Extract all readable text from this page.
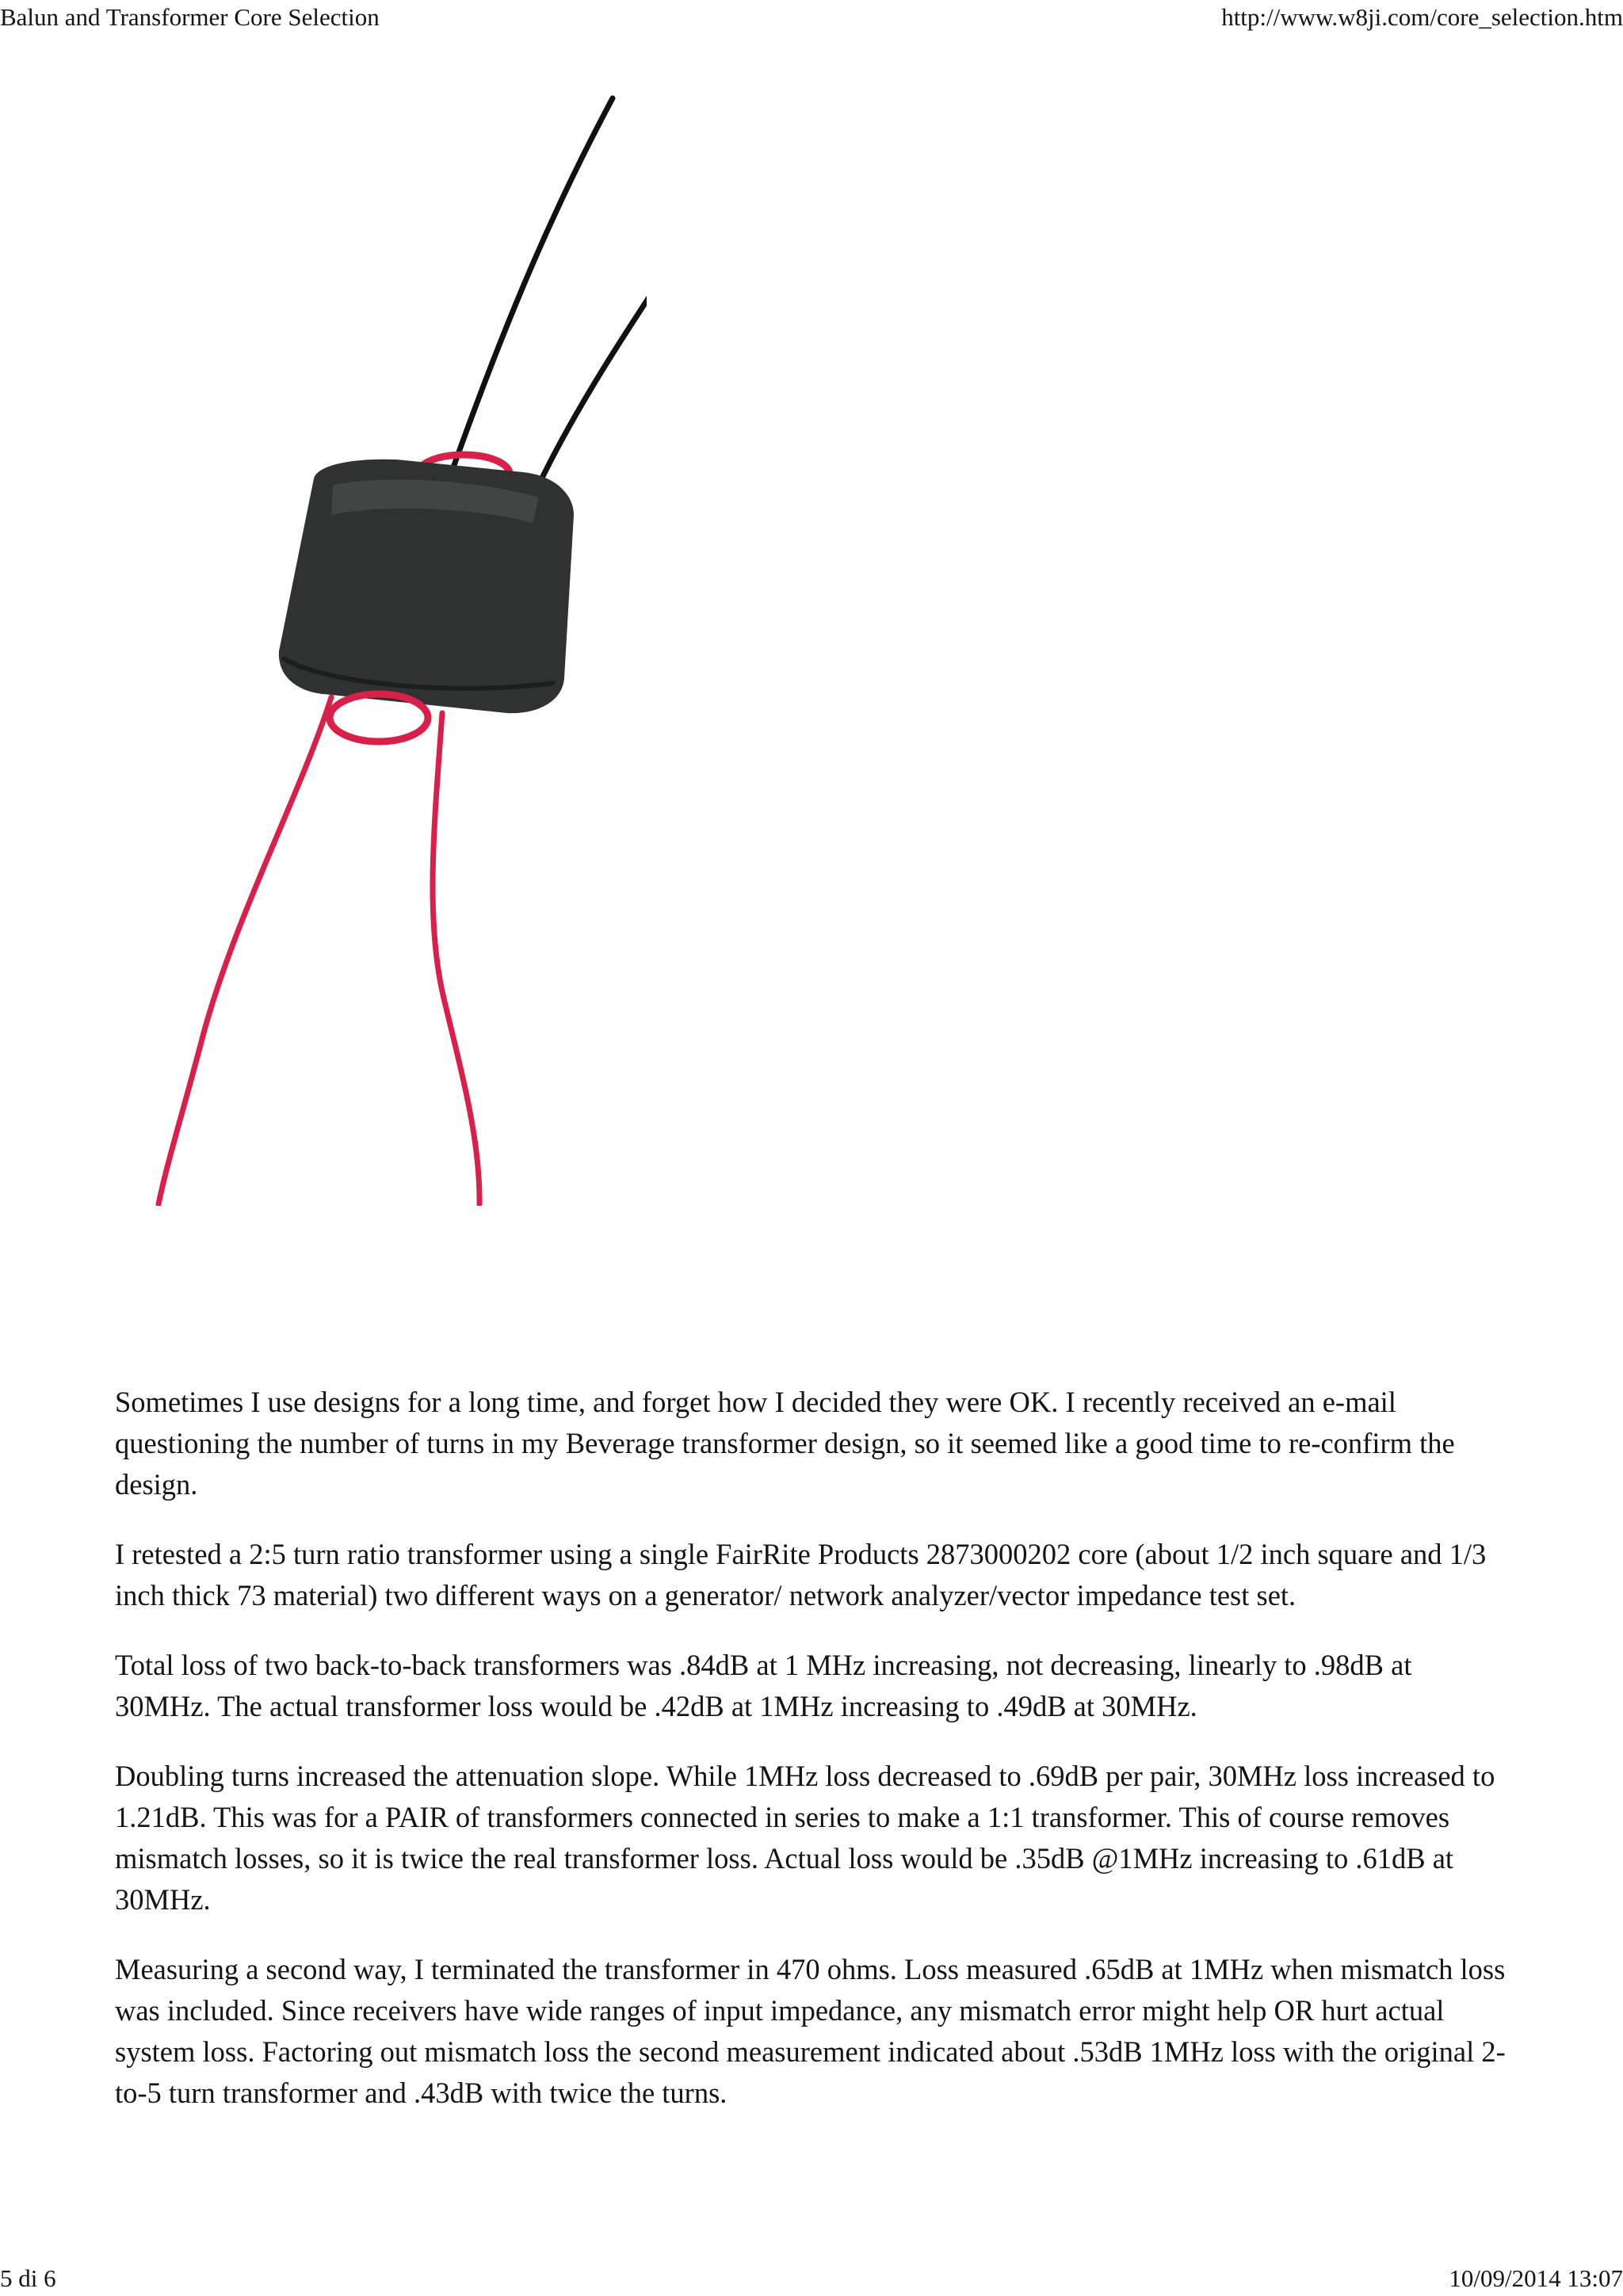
Balun and Transformer Core Selection	http://www.w8ji.com/core_selection.htm

Sometimes I use designs for a long time, and forget how I decided they were OK. I recently received an e-mail questioning the number of turns in my Beverage transformer design, so it seemed like a good time to re-confirm the design.

I retested a 2:5 turn ratio transformer using a single FairRite Products 2873000202 core (about 1/2 inch square and 1/3 inch thick 73 material) two different ways on a generator/ network analyzer/vector impedance test set.

Total loss of two back-to-back transformers was .84dB at 1 MHz increasing, not decreasing, linearly to .98dB at 30MHz. The actual transformer loss would be .42dB at 1MHz increasing to .49dB at 30MHz.

Doubling turns increased the attenuation slope. While 1MHz loss decreased to .69dB per pair, 30MHz loss increased to 1.21dB. This was for a PAIR of transformers connected in series to make a 1:1 transformer. This of course removes mismatch losses, so it is twice the real transformer loss. Actual loss would be .35dB @1MHz increasing to .61dB at 30MHz.

Measuring a second way, I terminated the transformer in 470 ohms. Loss measured .65dB at 1MHz when mismatch loss was included. Since receivers have wide ranges of input impedance, any mismatch error might help OR hurt actual system loss. Factoring out mismatch loss the second measurement indicated about .53dB 1MHz loss with the original 2-to-5 turn transformer and .43dB with twice the turns.

5 di 6	10/09/2014 13:07
